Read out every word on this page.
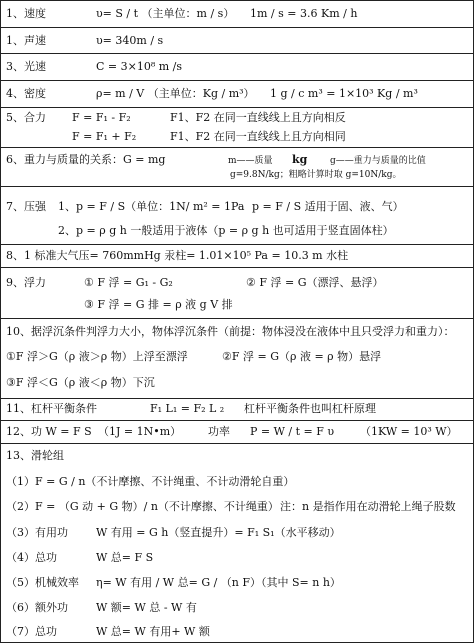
1、速度	υ= S / t （主单位：m / s） 1m / s = 3.6 Km / h
1、声速	υ= 340m / s
3、光速	C = 3×10⁸ m /s
4、密度	ρ= m / V （主单位：Kg / m³） 1 g / c m³ = 1×10³ Kg / m³
5、合力 F = F₁ - F₂	F1、F2 在同一直线线上且方向相反
F = F₁ + F₂	F1、F2 在同一直线线上且方向相同
6、重力与质量的关系：G = mg	m——质量 kg	g——重力与质量的比值
g=9.8N/kg；粗略计算时取 g=10N/kg。
7、压强 1、p = F / S（单位：1N/ m² = 1Pa p = F / S 适用于固、液、气）
2、p = ρ g h 一般适用于液体（p = ρ g h 也可适用于竖直固体柱）
8、1 标准大气压= 760mmHg 汞柱= 1.01×10⁵ Pa = 10.3 m 水柱
9、浮力	① F 浮 = G₁ - G₂	② F 浮 = G（漂浮、悬浮）
③ F 浮 = G 排 = ρ 液 g V 排
10、据浮沉条件判浮力大小，物体浮沉条件（前提：物体浸没在液体中且只受浮力和重力）：
①F 浮＞G（ρ 液＞ρ 物）上浮至漂浮	②F 浮 = G（ρ 液 = ρ 物）悬浮
③F 浮＜G（ρ 液＜ρ 物）下沉
11、杠杆平衡条件	F₁ L₁ = F₂ L ₂ 杠杆平衡条件也叫杠杆原理
12、功 W = F S （1J = 1N•m） 功率 P = W / t = F υ （1KW = 10³ W）
13、滑轮组
（1）F = G / n（不计摩擦、不计绳重、不计动滑轮自重）
（2）F = （G 动 + G 物）/ n（不计摩擦、不计绳重） 注：n 是指作用在动滑轮上绳子股数
（3）有用功	W 有用 = G h（竖直提升）= F₁ S₁（水平移动）
（4）总功	W 总= F S
（5）机械效率 η= W 有用 / W 总= G / （n F）（其中 S= n h）
（6）额外功	W 额= W 总 - W 有
（7）总功	W 总= W 有用+ W 额
